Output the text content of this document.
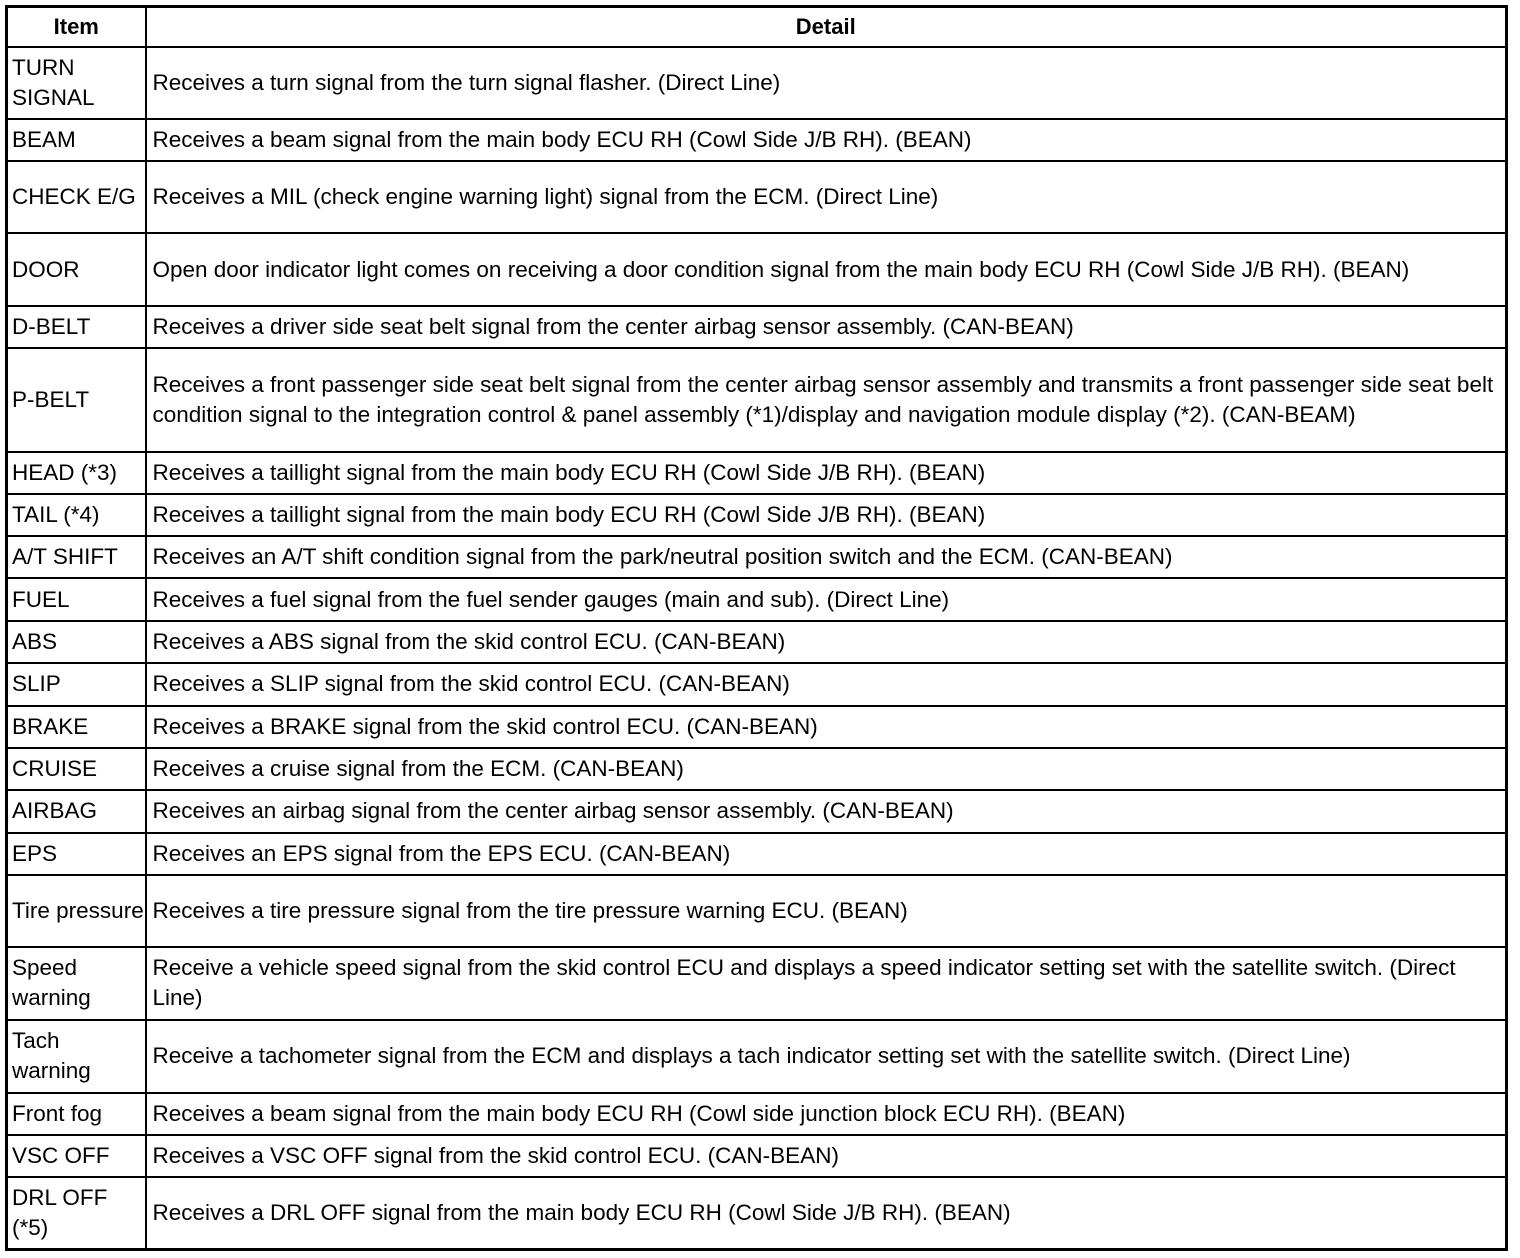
Item	Detail
TURN SIGNAL	Receives a turn signal from the turn signal flasher. (Direct Line)
BEAM	Receives a beam signal from the main body ECU RH (Cowl Side J/B RH). (BEAN)
CHECK E/G	Receives a MIL (check engine warning light) signal from the ECM. (Direct Line)
DOOR	Open door indicator light comes on receiving a door condition signal from the main body ECU RH (Cowl Side J/B RH). (BEAN)
D-BELT	Receives a driver side seat belt signal from the center airbag sensor assembly. (CAN-BEAN)
P-BELT	Receives a front passenger side seat belt signal from the center airbag sensor assembly and transmits a front passenger side seat belt condition signal to the integration control & panel assembly (*1)/display and navigation module display (*2). (CAN-BEAM)
HEAD (*3)	Receives a taillight signal from the main body ECU RH (Cowl Side J/B RH). (BEAN)
TAIL (*4)	Receives a taillight signal from the main body ECU RH (Cowl Side J/B RH). (BEAN)
A/T SHIFT	Receives an A/T shift condition signal from the park/neutral position switch and the ECM. (CAN-BEAN)
FUEL	Receives a fuel signal from the fuel sender gauges (main and sub). (Direct Line)
ABS	Receives a ABS signal from the skid control ECU. (CAN-BEAN)
SLIP	Receives a SLIP signal from the skid control ECU. (CAN-BEAN)
BRAKE	Receives a BRAKE signal from the skid control ECU. (CAN-BEAN)
CRUISE	Receives a cruise signal from the ECM. (CAN-BEAN)
AIRBAG	Receives an airbag signal from the center airbag sensor assembly. (CAN-BEAN)
EPS	Receives an EPS signal from the EPS ECU. (CAN-BEAN)
Tire pressure	Receives a tire pressure signal from the tire pressure warning ECU. (BEAN)
Speed warning	Receive a vehicle speed signal from the skid control ECU and displays a speed indicator setting set with the satellite switch. (Direct Line)
Tach warning	Receive a tachometer signal from the ECM and displays a tach indicator setting set with the satellite switch. (Direct Line)
Front fog	Receives a beam signal from the main body ECU RH (Cowl side junction block ECU RH). (BEAN)
VSC OFF	Receives a VSC OFF signal from the skid control ECU. (CAN-BEAN)
DRL OFF (*5)	Receives a DRL OFF signal from the main body ECU RH (Cowl Side J/B RH). (BEAN)
